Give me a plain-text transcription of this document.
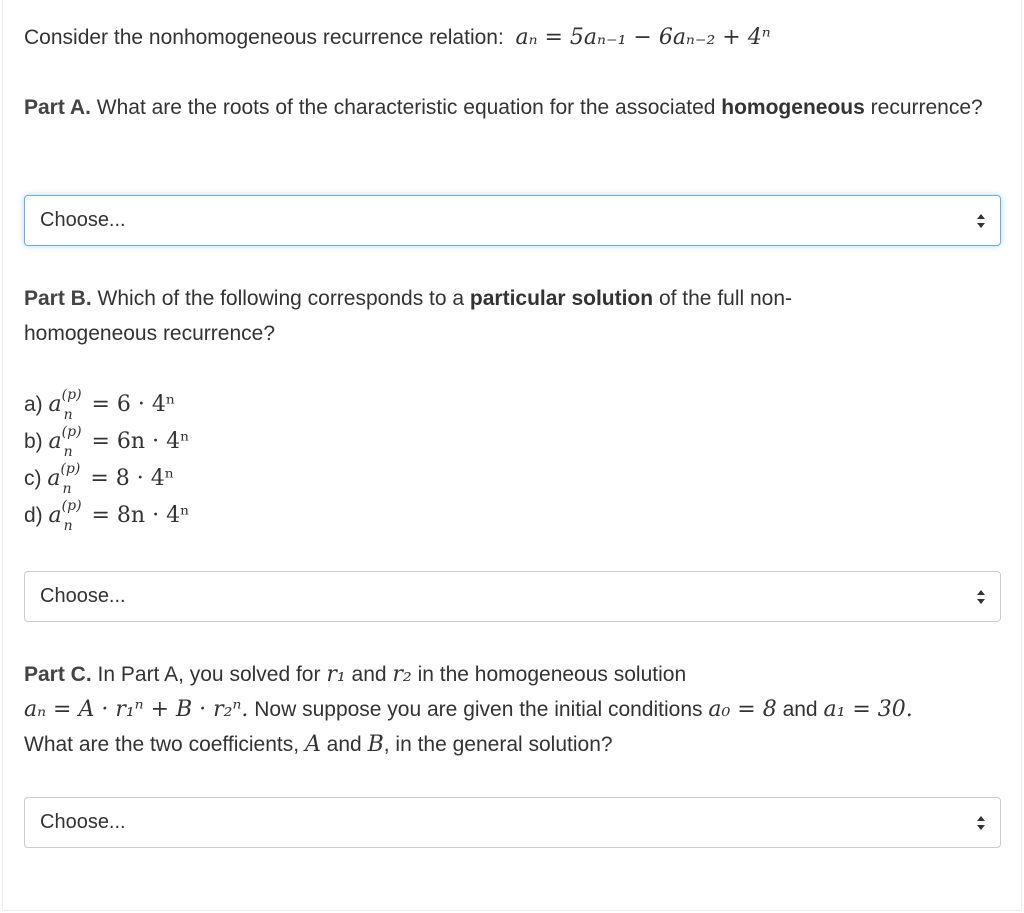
Consider the nonhomogeneous recurrence relation: aₙ = 5aₙ₋₁ − 6aₙ₋₂ + 4ⁿ

Part A. What are the roots of the characteristic equation for the associated homogeneous recurrence?

Part B. Which of the following corresponds to a particular solution of the full non-homogeneous recurrence?

Part C. In Part A, you solved for r₁ and r₂ in the homogeneous solution
aₙ = A · r₁ⁿ + B · r₂ⁿ. Now suppose you are given the initial conditions a₀ = 8 and a₁ = 30.
What are the two coefficients, A and B, in the general solution?

Choose...
a) a (p)
n = 6 · 4ⁿ
b) a (p)
n = 6n · 4ⁿ
c) a (p)
n = 8 · 4ⁿ
d) a (p)
n = 8n · 4ⁿ
Choose...
Choose...
